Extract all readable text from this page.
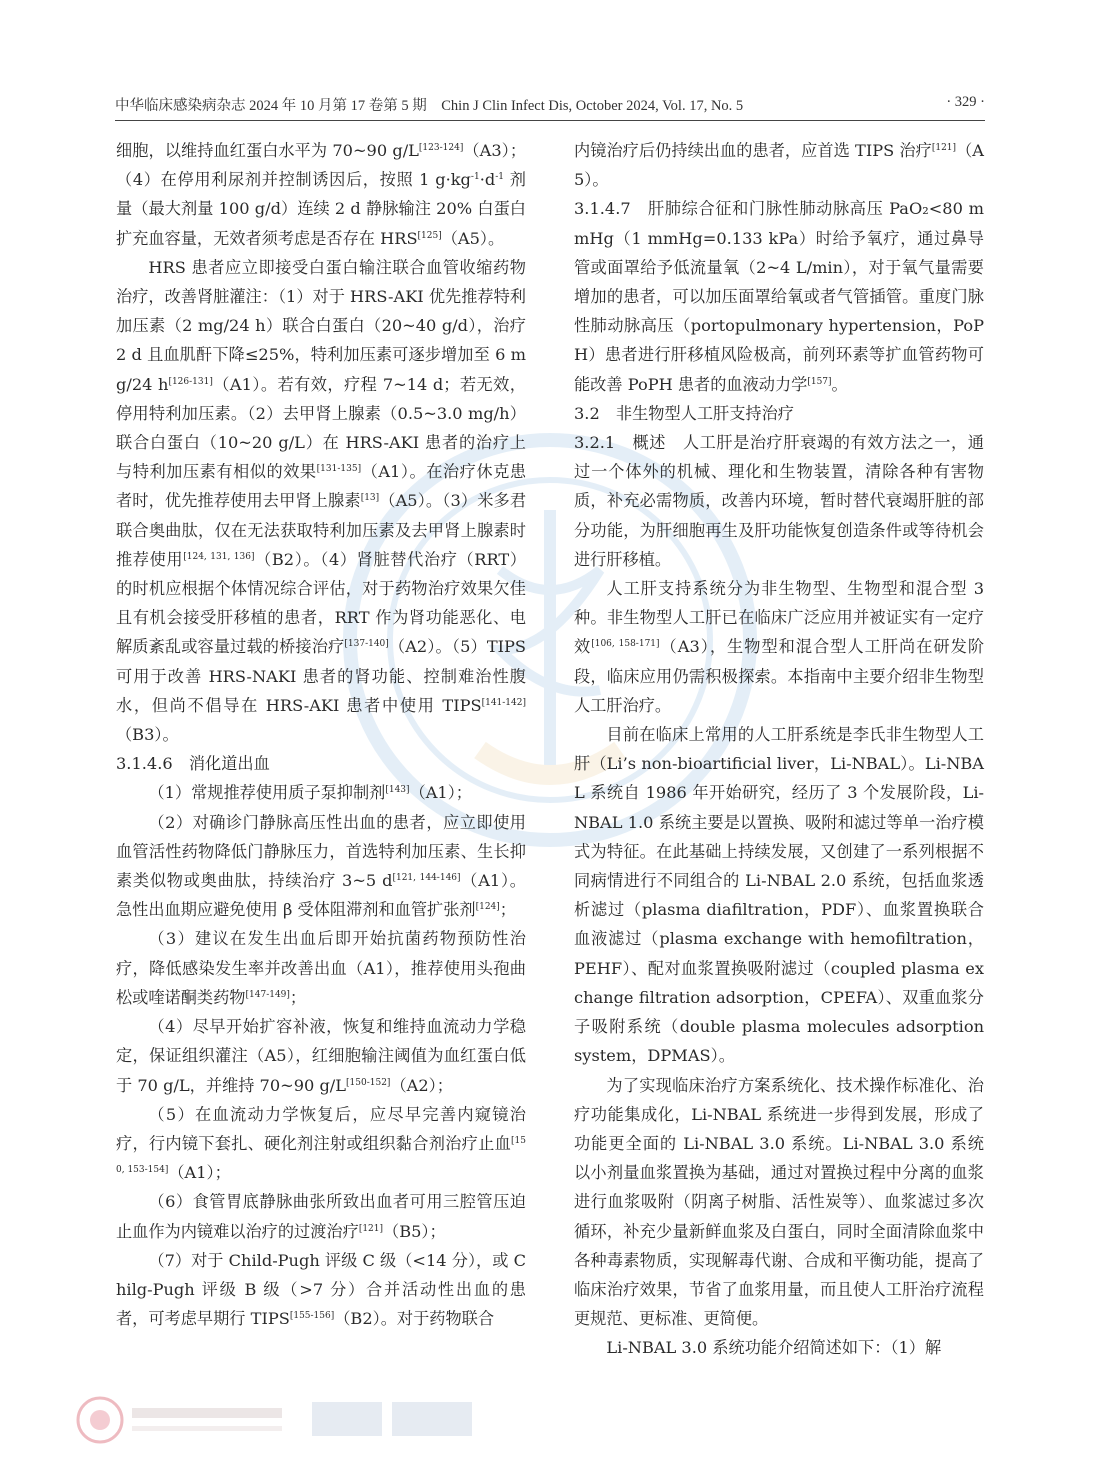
中华临床感染病杂志 2024 年 10 月第 17 卷第 5 期　Chin J Clin Infect Dis, October 2024, Vol. 17, No. 5	· 329 ·

细胞，以维持血红蛋白水平为 70~90 g/L[123-124]（A3）；（4）在停用利尿剂并控制诱因后，按照 1 $g\cdot kg^{-1}\cdot d^{-1}$ 剂量（最大剂量 100 g/d）连续 2 d 静脉输注 20% 白蛋白扩充血容量，无效者须考虑是否存在 HRS[125]（A5）。

HRS 患者应立即接受白蛋白输注联合血管收缩药物治疗，改善肾脏灌注：（1）对于 HRS-AKI 优先推荐特利加压素（2 mg/24 h）联合白蛋白（20~40 g/d），治疗 2 d 且血肌酐下降≤25%，特利加压素可逐步增加至 6 mg/24 h[126-131]（A1）。若有效，疗程 7~14 d；若无效，停用特利加压素。（2）去甲肾上腺素（0.5~3.0 mg/h）联合白蛋白（10~20 g/L）在 HRS-AKI 患者的治疗上与特利加压素有相似的效果[131-135]（A1）。在治疗休克患者时，优先推荐使用去甲肾上腺素[13]（A5）。（3）米多君联合奥曲肽，仅在无法获取特利加压素及去甲肾上腺素时推荐使用[124, 131, 136]（B2）。（4）肾脏替代治疗（RRT）的时机应根据个体情况综合评估，对于药物治疗效果欠佳且有机会接受肝移植的患者，RRT 作为肾功能恶化、电解质紊乱或容量过载的桥接治疗[137-140]（A2）。（5）TIPS 可用于改善 HRS-NAKI 患者的肾功能、控制难治性腹水，但尚不倡导在 HRS-AKI 患者中使用 TIPS[141-142]（B3）。

3.1.4.6　消化道出血

（1）常规推荐使用质子泵抑制剂[143]（A1）；

（2）对确诊门静脉高压性出血的患者，应立即使用血管活性药物降低门静脉压力，首选特利加压素、生长抑素类似物或奥曲肽，持续治疗 3~5 d[121, 144-146]（A1）。急性出血期应避免使用 β 受体阻滞剂和血管扩张剂[124]；

（3）建议在发生出血后即开始抗菌药物预防性治疗，降低感染发生率并改善出血（A1），推荐使用头孢曲松或喹诺酮类药物[147-149]；

（4）尽早开始扩容补液，恢复和维持血流动力学稳定，保证组织灌注（A5），红细胞输注阈值为血红蛋白低于 70 g/L，并维持 70~90 g/L[150-152]（A2）；

（5）在血流动力学恢复后，应尽早完善内窥镜治疗，行内镜下套扎、硬化剂注射或组织黏合剂治疗止血[150, 153-154]（A1）；

（6）食管胃底静脉曲张所致出血者可用三腔管压迫止血作为内镜难以治疗的过渡治疗[121]（B5）；

（7）对于 Child-Pugh 评级 C 级（<14 分），或 Chilg-Pugh 评级 B 级（>7 分）合并活动性出血的患者，可考虑早期行 TIPS[155-156]（B2）。对于药物联合

内镜治疗后仍持续出血的患者，应首选 TIPS 治疗[121]（A5）。

3.1.4.7　肝肺综合征和门脉性肺动脉高压 PaO₂<80 mmHg（1 mmHg=0.133 kPa）时给予氧疗，通过鼻导管或面罩给予低流量氧（2~4 L/min），对于氧气量需要增加的患者，可以加压面罩给氧或者气管插管。重度门脉性肺动脉高压（portopulmonary hypertension，PoPH）患者进行肝移植风险极高，前列环素等扩血管药物可能改善 PoPH 患者的血液动力学[157]。

3.2　非生物型人工肝支持治疗

3.2.1　概述　人工肝是治疗肝衰竭的有效方法之一，通过一个体外的机械、理化和生物装置，清除各种有害物质，补充必需物质，改善内环境，暂时替代衰竭肝脏的部分功能，为肝细胞再生及肝功能恢复创造条件或等待机会进行肝移植。

人工肝支持系统分为非生物型、生物型和混合型 3 种。非生物型人工肝已在临床广泛应用并被证实有一定疗效[106, 158-171]（A3），生物型和混合型人工肝尚在研发阶段，临床应用仍需积极探索。本指南中主要介绍非生物型人工肝治疗。

目前在临床上常用的人工肝系统是李氏非生物型人工肝（Li’s non-bioartificial liver，Li-NBAL）。Li-NBAL 系统自 1986 年开始研究，经历了 3 个发展阶段，Li-NBAL 1.0 系统主要是以置换、吸附和滤过等单一治疗模式为特征。在此基础上持续发展，又创建了一系列根据不同病情进行不同组合的 Li-NBAL 2.0 系统，包括血浆透析滤过（plasma diafiltration，PDF）、血浆置换联合血液滤过（plasma exchange with hemofiltration，PEHF）、配对血浆置换吸附滤过（coupled plasma exchange filtration adsorption，CPEFA）、双重血浆分子吸附系统（double plasma molecules adsorption system，DPMAS）。

为了实现临床治疗方案系统化、技术操作标准化、治疗功能集成化，Li-NBAL 系统进一步得到发展，形成了功能更全面的 Li-NBAL 3.0 系统。Li-NBAL 3.0 系统以小剂量血浆置换为基础，通过对置换过程中分离的血浆进行血浆吸附（阴离子树脂、活性炭等）、血浆滤过多次循环，补充少量新鲜血浆及白蛋白，同时全面清除血浆中各种毒素物质，实现解毒代谢、合成和平衡功能，提高了临床治疗效果，节省了血浆用量，而且使人工肝治疗流程更规范、更标准、更简便。

Li-NBAL 3.0 系统功能介绍简述如下：（1）解
